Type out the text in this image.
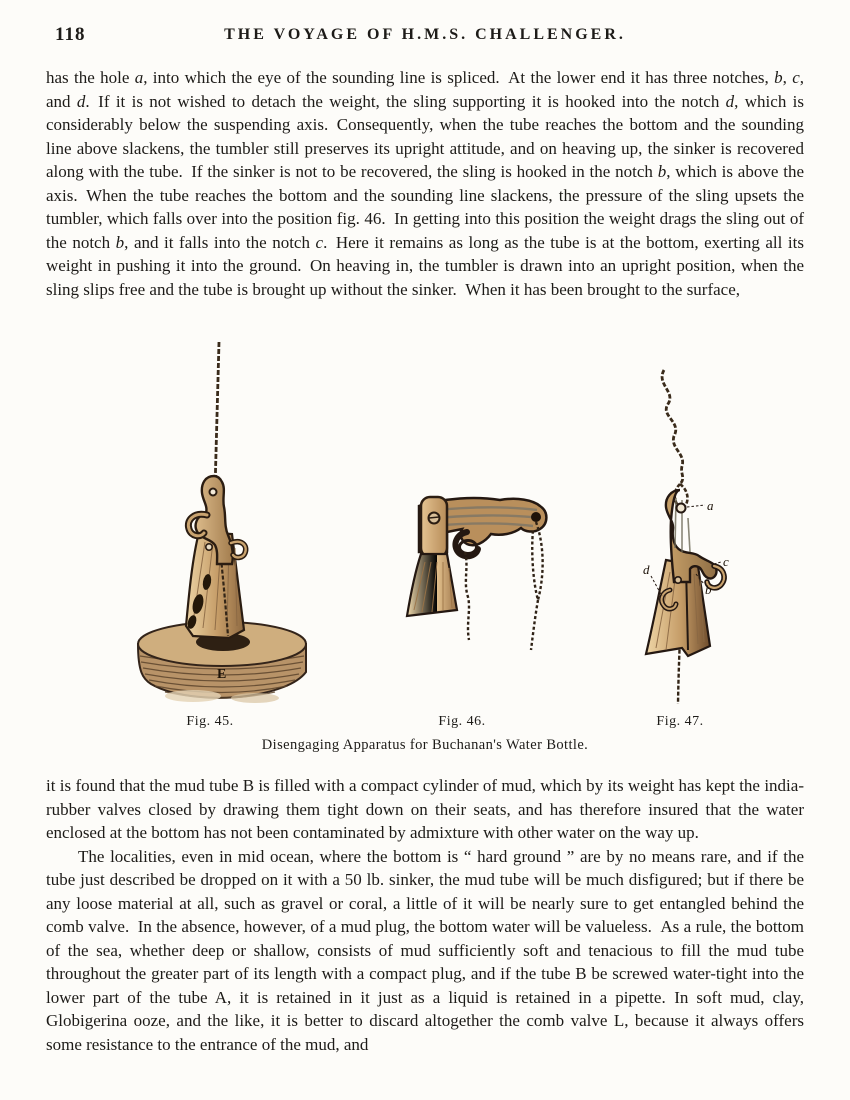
118	THE VOYAGE OF H.M.S. CHALLENGER.

has the hole a, into which the eye of the sounding line is spliced. At the lower end it has three notches, b, c, and d. If it is not wished to detach the weight, the sling supporting it is hooked into the notch d, which is considerably below the suspending axis. Consequently, when the tube reaches the bottom and the sounding line above slackens, the tumbler still preserves its upright attitude, and on heaving up, the sinker is recovered along with the tube. If the sinker is not to be recovered, the sling is hooked in the notch b, which is above the axis. When the tube reaches the bottom and the sounding line slackens, the pressure of the sling upsets the tumbler, which falls over into the position fig. 46. In getting into this position the weight drags the sling out of the notch b, and it falls into the notch c. Here it remains as long as the tube is at the bottom, exerting all its weight in pushing it into the ground. On heaving in, the tumbler is drawn into an upright position, when the sling slips free and the tube is brought up without the sinker. When it has been brought to the surface,

E
a
c
b
d
Fig. 45.	Fig. 46.	Fig. 47.
Disengaging Apparatus for Buchanan's Water Bottle.

it is found that the mud tube B is filled with a compact cylinder of mud, which by its weight has kept the india-rubber valves closed by drawing them tight down on their seats, and has therefore insured that the water enclosed at the bottom has not been contaminated by admixture with other water on the way up.

The localities, even in mid ocean, where the bottom is “ hard ground ” are by no means rare, and if the tube just described be dropped on it with a 50 lb. sinker, the mud tube will be much disfigured; but if there be any loose material at all, such as gravel or coral, a little of it will be nearly sure to get entangled behind the comb valve. In the absence, however, of a mud plug, the bottom water will be valueless. As a rule, the bottom of the sea, whether deep or shallow, consists of mud sufficiently soft and tenacious to fill the mud tube throughout the greater part of its length with a compact plug, and if the tube B be screwed water-tight into the lower part of the tube A, it is retained in it just as a liquid is retained in a pipette. In soft mud, clay, Globigerina ooze, and the like, it is better to discard altogether the comb valve L, because it always offers some resistance to the entrance of the mud, and
